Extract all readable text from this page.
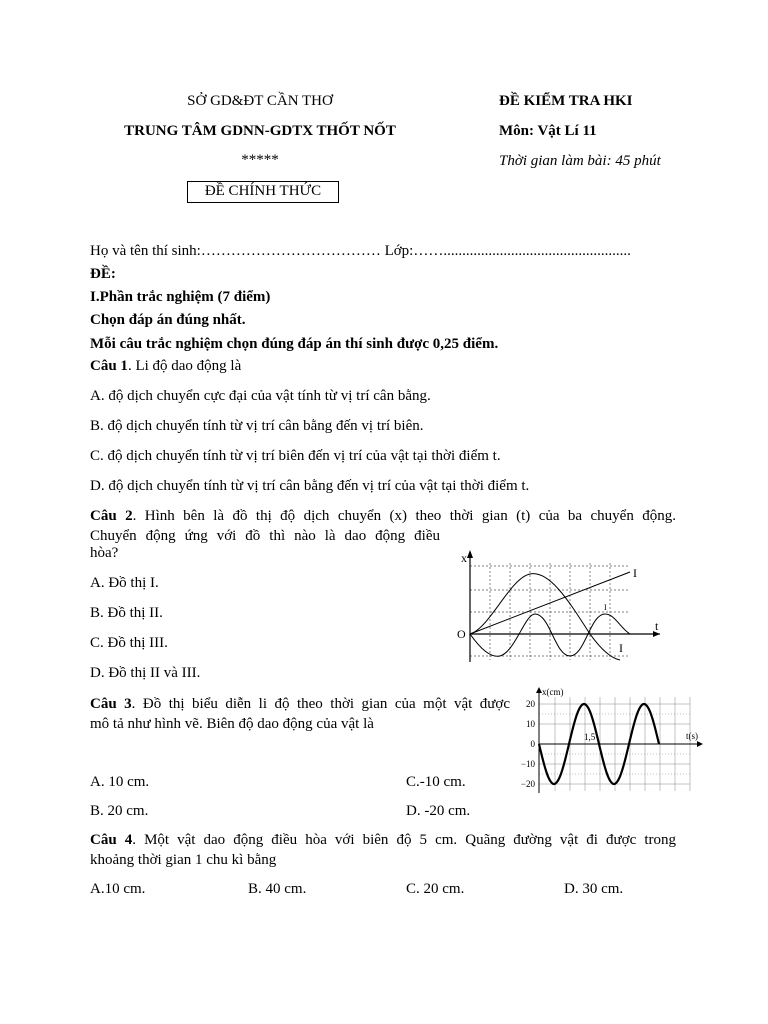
SỞ GD&ĐT CẦN THƠ
TRUNG TÂM GDNN-GDTX THỐT NỐT
*****
ĐỀ CHÍNH THỨC
ĐỀ KIỂM TRA HKI
Môn: Vật Lí 11
Thời gian làm bài: 45 phút
Họ và tên thí sinh:……………………………… Lớp:……..................................................
ĐỀ:
I.Phần trắc nghiệm (7 điểm)
Chọn đáp án đúng nhất.
Mỗi câu trắc nghiệm chọn đúng đáp án thí sinh được 0,25 điểm.
Câu 1. Li độ dao động là
A. độ dịch chuyển cực đại của vật tính từ vị trí cân bằng.
B. độ dịch chuyển tính từ vị trí cân bằng đến vị trí biên.
C. độ dịch chuyển tính từ vị trí biên đến vị trí của vật tại thời điểm t.
D. độ dịch chuyển tính từ vị trí cân bằng đến vị trí của vật tại thời điểm t.
Câu 2. Hình bên là đồ thị độ dịch chuyển (x) theo thời gian (t) của ba chuyển động.
Chuyển động ứng với đồ thì nào là dao động điều
hòa?
A. Đồ thị I.
B. Đồ thị II.
C. Đồ thị III.
D. Đồ thị II và III.
x
t
O
I
I
I
Câu 3. Đồ thị biểu diễn li độ theo thời gian của một vật được
mô tả như hình vẽ. Biên độ dao động của vật là
A. 10 cm.
B. 20 cm.
C.-10 cm.
D. -20 cm.
x(cm)
t(s)
1,5
20
10
0
−10
−20
Câu 4. Một vật dao động điều hòa với biên độ 5 cm. Quãng đường vật đi được trong
khoảng thời gian 1 chu kì bằng
A.10 cm.	B. 40 cm.	C. 20 cm.	D. 30 cm.
